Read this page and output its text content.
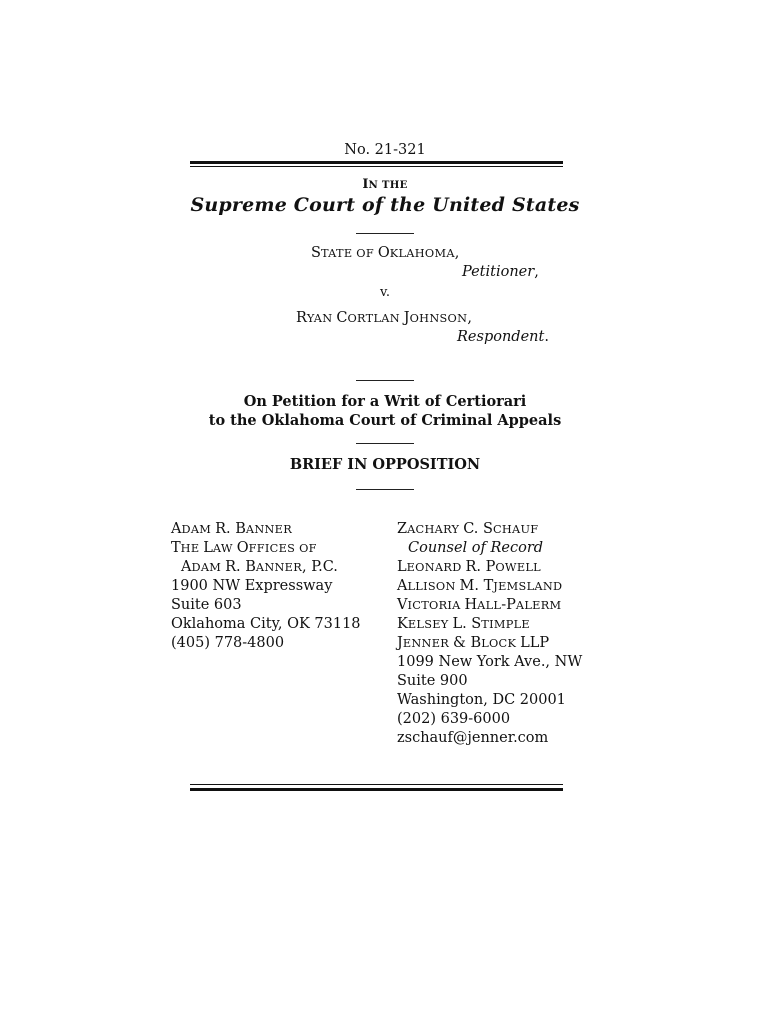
No. 21-321
IN THE
Supreme Court of the United States
STATE OF OKLAHOMA,
Petitioner,
v.
RYAN CORTLAN JOHNSON,
Respondent.
On Petition for a Writ of Certiorari
to the Oklahoma Court of Criminal Appeals
BRIEF IN OPPOSITION
ADAM R. BANNER
THE LAW OFFICES OF
ADAM R. BANNER, P.C.
1900 NW Expressway
Suite 603
Oklahoma City, OK 73118
(405) 778-4800
ZACHARY C. SCHAUF
Counsel of Record
LEONARD R. POWELL
ALLISON M. TJEMSLAND
VICTORIA HALL-PALERM
KELSEY L. STIMPLE
JENNER & BLOCK LLP
1099 New York Ave., NW
Suite 900
Washington, DC 20001
(202) 639-6000
zschauf@jenner.com
